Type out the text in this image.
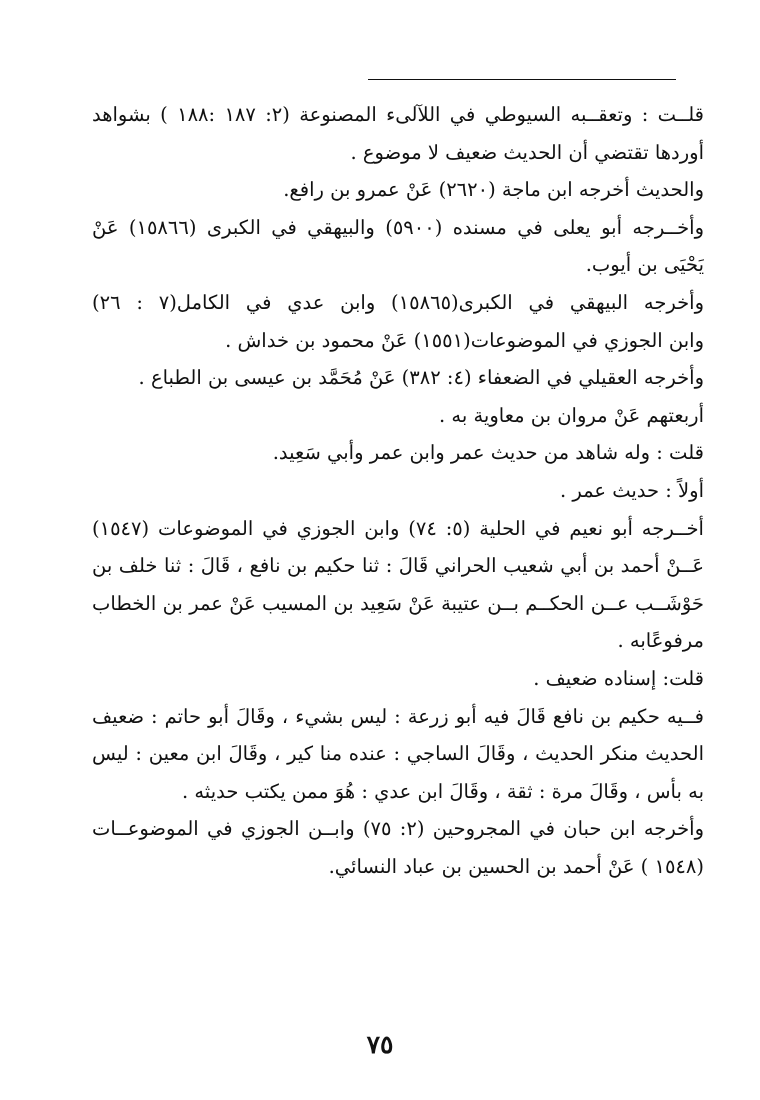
قلــت : وتعقــبه السيوطي في اللآلىء المصنوعة (٢: ١٨٧ :١٨٨ ) بشواهد
أوردها تقتضي أن الحديث ضعيف لا موضوع .
والحديث أخرجه ابن ماجة (٢٦٢٠) عَنْ عمرو بن رافع.
وأخــرجه أبو يعلى في مسنده (٥٩٠٠) والبيهقي في الكبرى (١٥٨٦٦) عَنْ
يَحْيَى بن أيوب.
وأخرجه البيهقي في الكبرى(١٥٨٦٥) وابن عدي في الكامل(٧ : ٢٦)
وابن الجوزي في الموضوعات(١٥٥١) عَنْ محمود بن خداش .
وأخرجه العقيلي في الضعفاء (٤: ٣٨٢) عَنْ مُحَمَّد بن عيسى بن الطباع .
أربعتهم عَنْ مروان بن معاوية به .
قلت : وله شاهد من حديث عمر وابن عمر وأبي سَعِيد.
أولاً : حديث عمر .
أخــرجه أبو نعيم في الحلية (٥: ٧٤) وابن الجوزي في الموضوعات (١٥٤٧)
عَــنْ أحمد بن أبي شعيب الحراني قَالَ : ثنا حكيم بن نافع ، قَالَ : ثنا خلف بن
حَوْشَــب عــن الحكــم بــن عتيبة عَنْ سَعِيد بن المسيب عَنْ عمر بن الخطاب
مرفوعًابه .
قلت: إسناده ضعيف .
فــيه حكيم بن نافع قَالَ فيه أبو زرعة : ليس بشيء ، وقَالَ أبو حاتم : ضعيف
الحديث منكر الحديث ، وقَالَ الساجي : عنده منا كير ، وقَالَ ابن معين : ليس
به بأس ، وقَالَ مرة : ثقة ، وقَالَ ابن عدي : هُوَ ممن يكتب حديثه .
وأخرجه ابن حبان في المجروحين (٢: ٧٥) وابــن الجوزي في الموضوعــات
(١٥٤٨ ) عَنْ أحمد بن الحسين بن عباد النسائي.
٧٥
